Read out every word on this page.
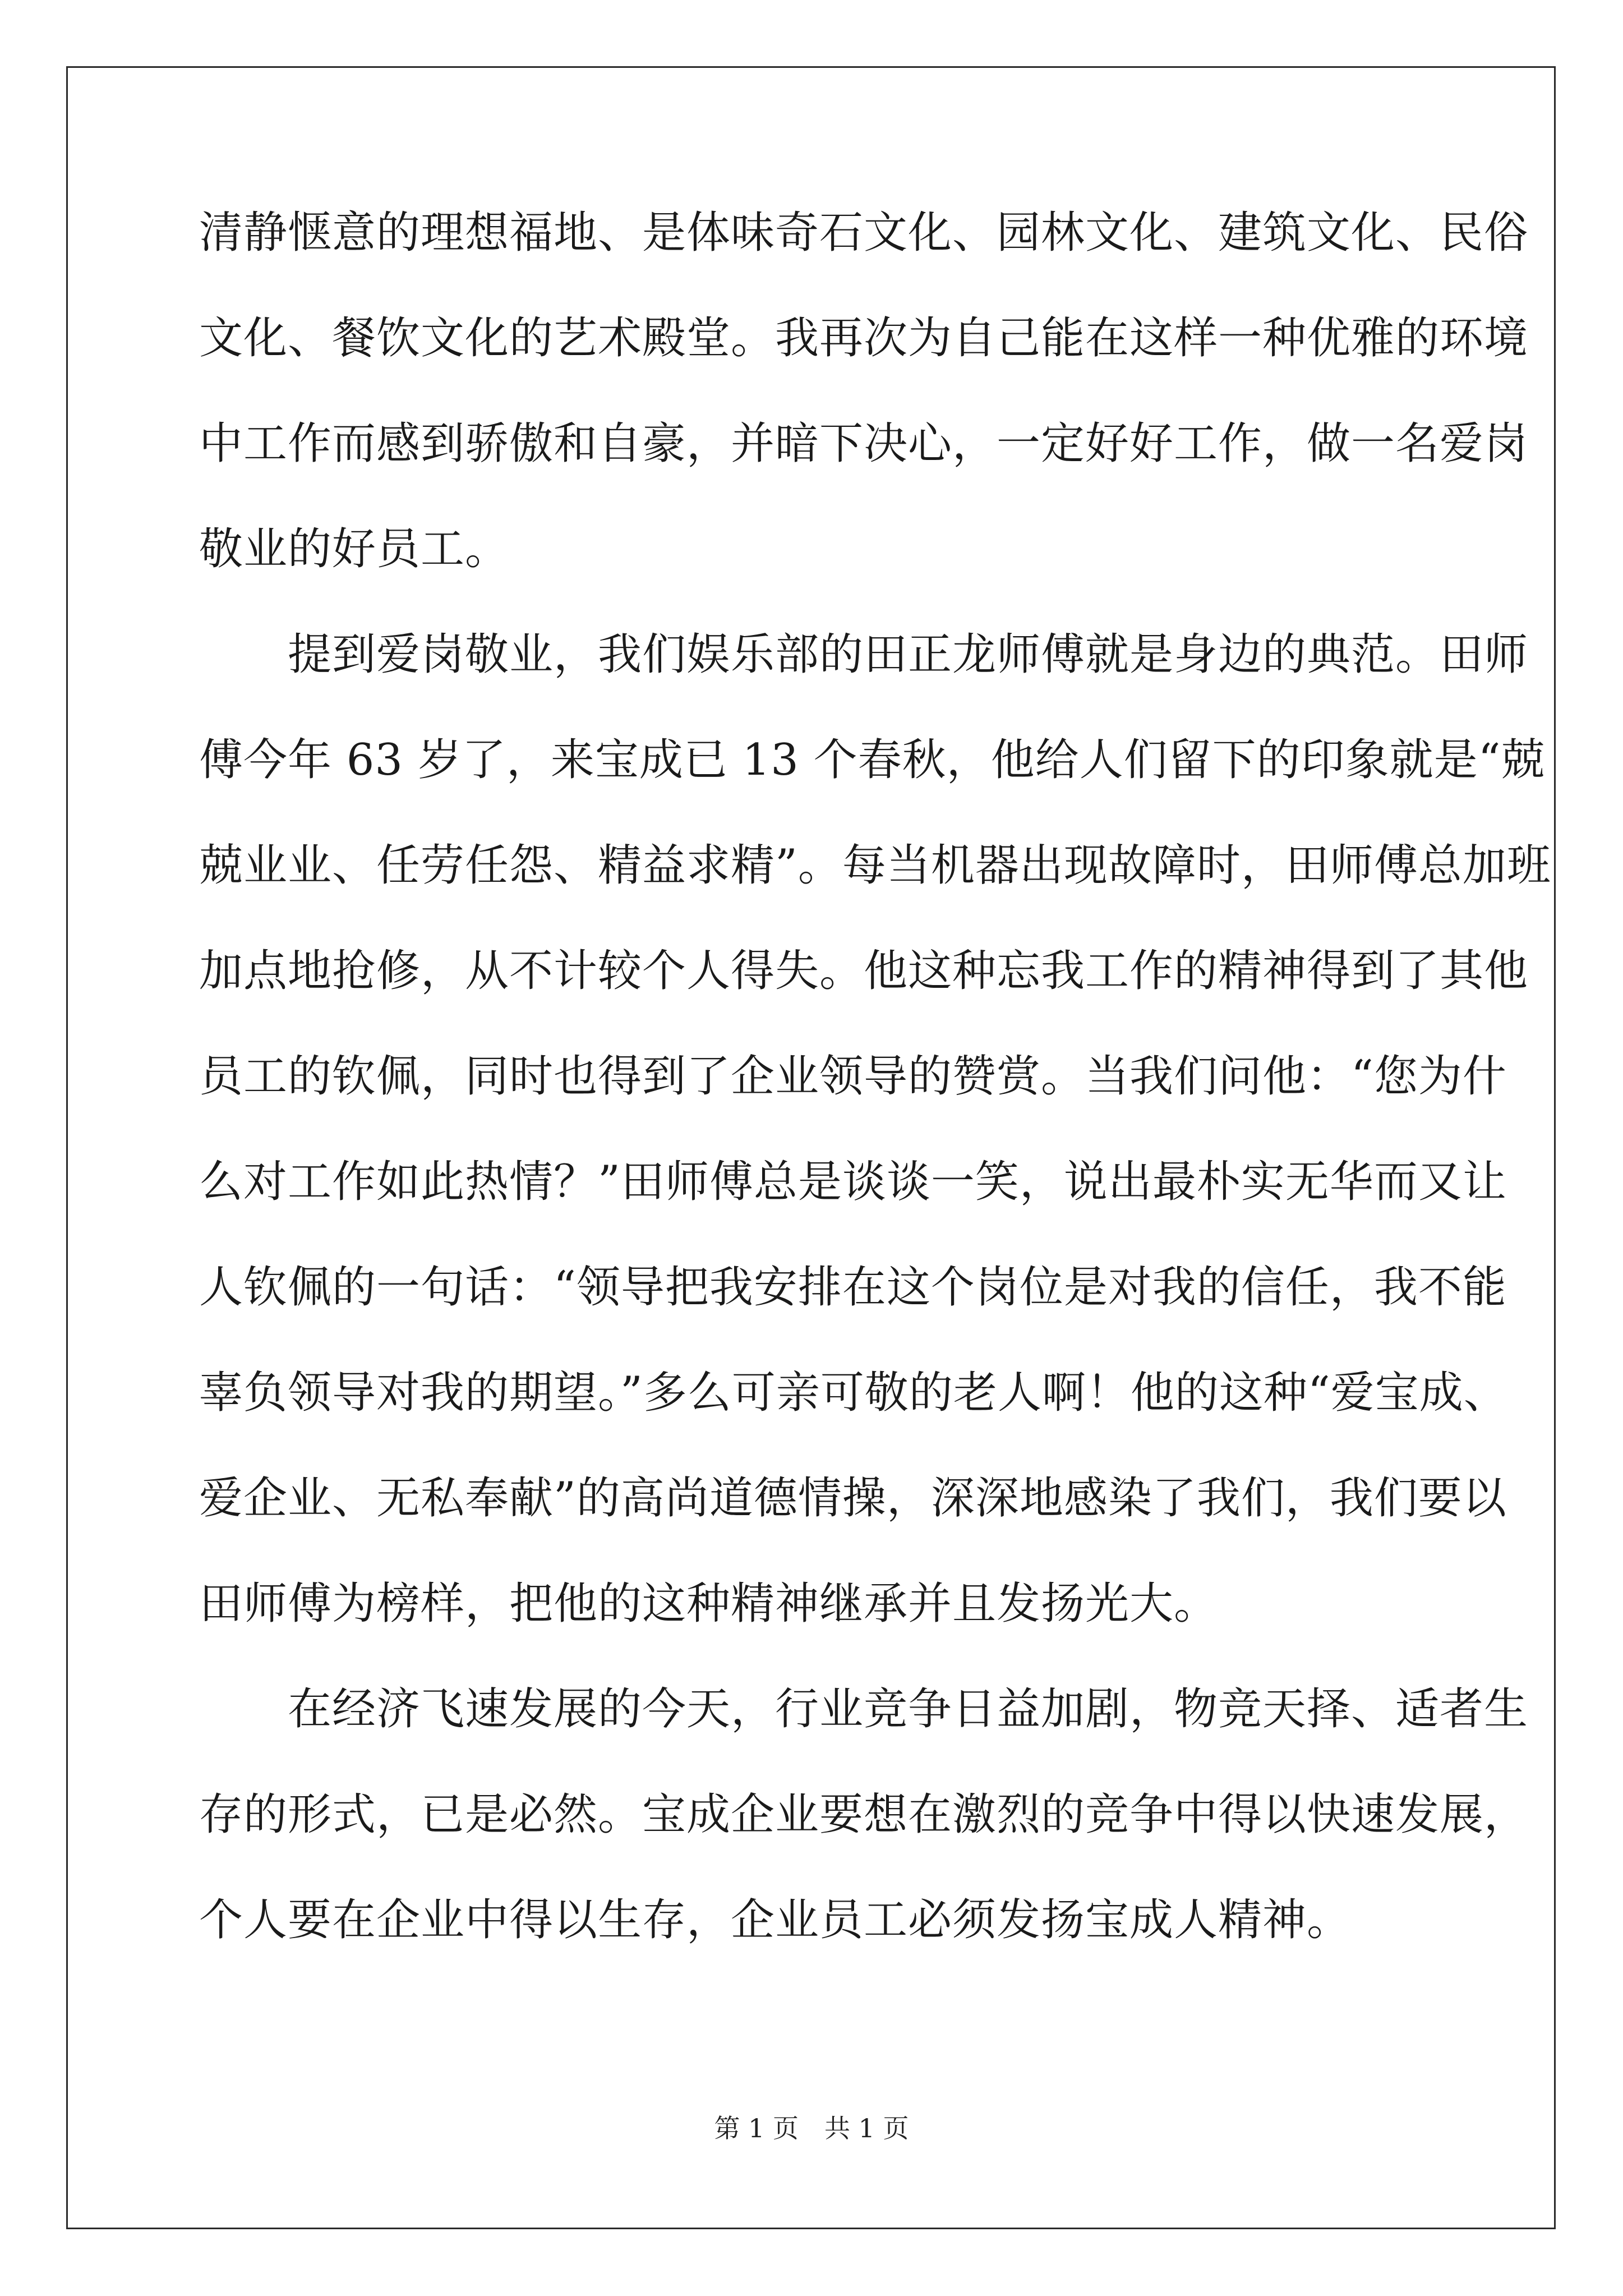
清静惬意的理想福地、是体味奇石文化、园林文化、建筑文化、民俗
文化、餐饮文化的艺术殿堂。我再次为自己能在这样一种优雅的环境
中工作而感到骄傲和自豪，并暗下决心，一定好好工作，做一名爱岗
敬业的好员工。
　　提到爱岗敬业，我们娱乐部的田正龙师傅就是身边的典范。田师
傅今年 63 岁了，来宝成已 13 个春秋，他给人们留下的印象就是“兢
兢业业、任劳任怨、精益求精”。每当机器出现故障时，田师傅总加班
加点地抢修，从不计较个人得失。他这种忘我工作的精神得到了其他
员工的钦佩，同时也得到了企业领导的赞赏。当我们问他：“您为什
么对工作如此热情？”田师傅总是谈谈一笑，说出最朴实无华而又让
人钦佩的一句话：“领导把我安排在这个岗位是对我的信任，我不能
辜负领导对我的期望。”多么可亲可敬的老人啊！他的这种“爱宝成、
爱企业、无私奉献”的高尚道德情操，深深地感染了我们，我们要以
田师傅为榜样，把他的这种精神继承并且发扬光大。
　　在经济飞速发展的今天，行业竞争日益加剧，物竞天择、适者生
存的形式，已是必然。宝成企业要想在激烈的竞争中得以快速发展，
个人要在企业中得以生存，企业员工必须发扬宝成人精神。
第 1 页　共 1 页
